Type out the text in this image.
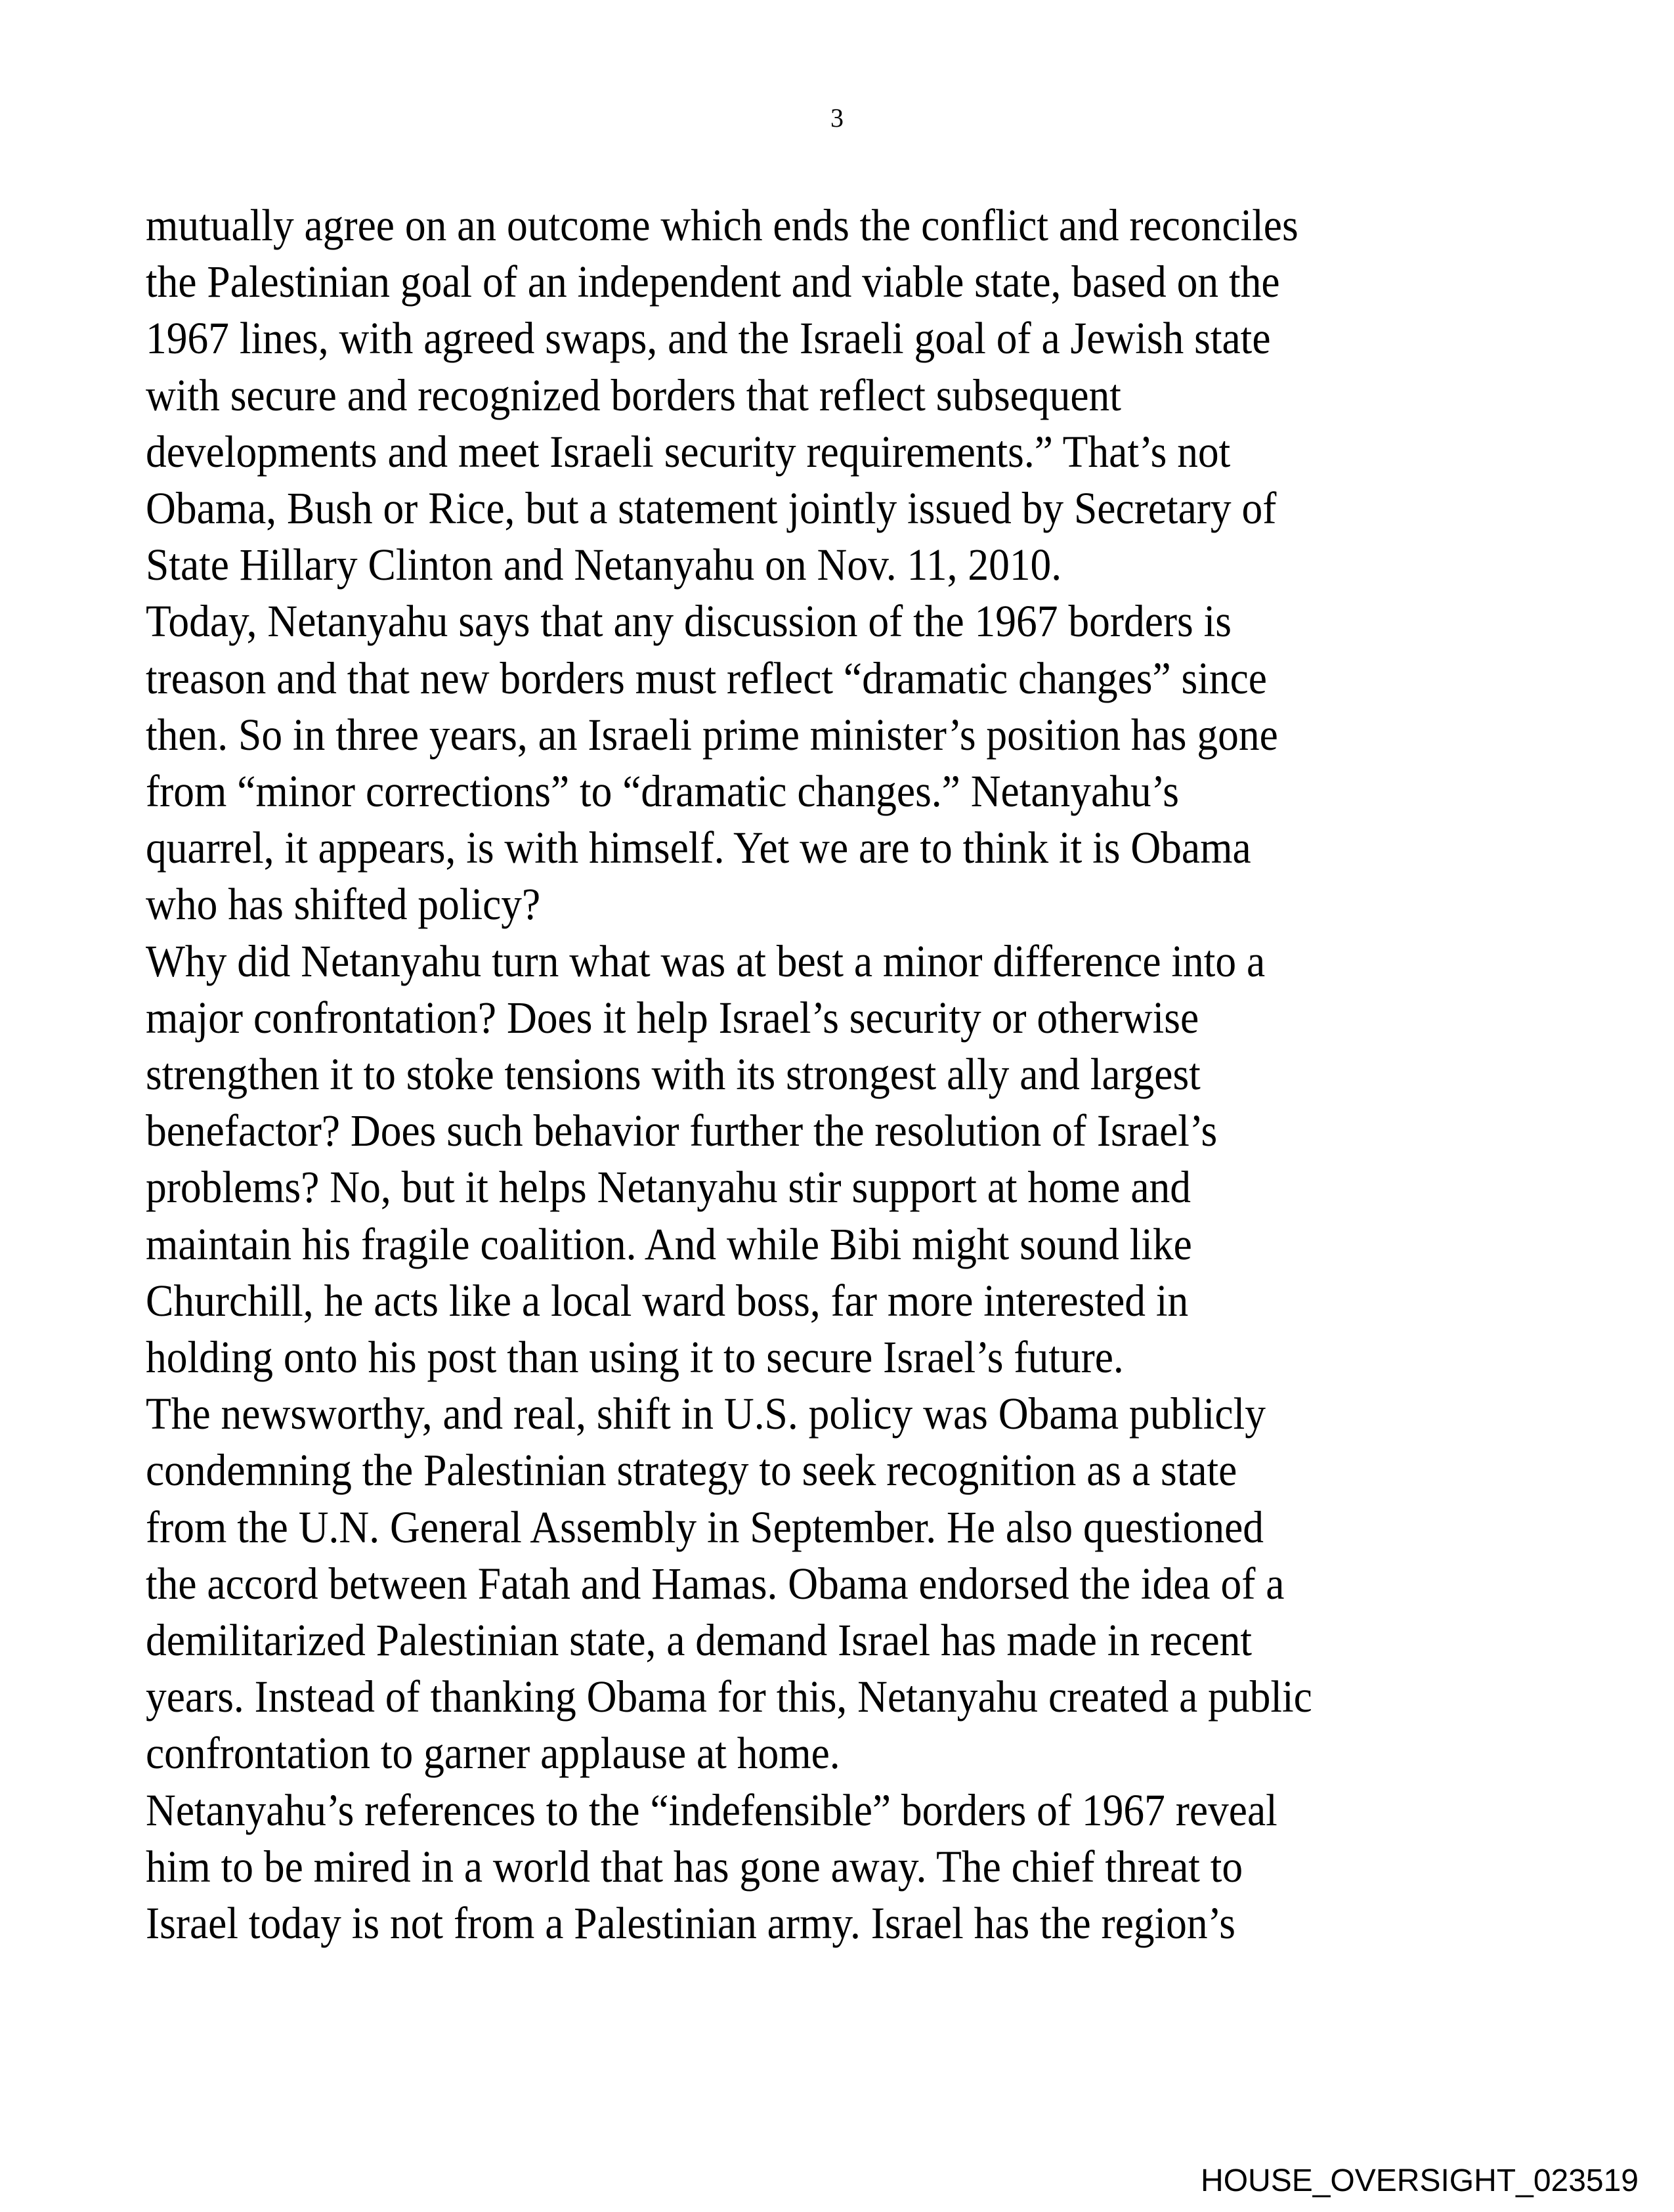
3
mutually agree on an outcome which ends the conflict and reconciles
the Palestinian goal of an independent and viable state, based on the
1967 lines, with agreed swaps, and the Israeli goal of a Jewish state
with secure and recognized borders that reflect subsequent
developments and meet Israeli security requirements.” That’s not
Obama, Bush or Rice, but a statement jointly issued by Secretary of
State Hillary Clinton and Netanyahu on Nov. 11, 2010.
Today, Netanyahu says that any discussion of the 1967 borders is
treason and that new borders must reflect “dramatic changes” since
then. So in three years, an Israeli prime minister’s position has gone
from “minor corrections” to “dramatic changes.” Netanyahu’s
quarrel, it appears, is with himself. Yet we are to think it is Obama
who has shifted policy?
Why did Netanyahu turn what was at best a minor difference into a
major confrontation? Does it help Israel’s security or otherwise
strengthen it to stoke tensions with its strongest ally and largest
benefactor? Does such behavior further the resolution of Israel’s
problems? No, but it helps Netanyahu stir support at home and
maintain his fragile coalition. And while Bibi might sound like
Churchill, he acts like a local ward boss, far more interested in
holding onto his post than using it to secure Israel’s future.
The newsworthy, and real, shift in U.S. policy was Obama publicly
condemning the Palestinian strategy to seek recognition as a state
from the U.N. General Assembly in September. He also questioned
the accord between Fatah and Hamas. Obama endorsed the idea of a
demilitarized Palestinian state, a demand Israel has made in recent
years. Instead of thanking Obama for this, Netanyahu created a public
confrontation to garner applause at home.
Netanyahu’s references to the “indefensible” borders of 1967 reveal
him to be mired in a world that has gone away. The chief threat to
Israel today is not from a Palestinian army. Israel has the region’s
HOUSE_OVERSIGHT_023519
